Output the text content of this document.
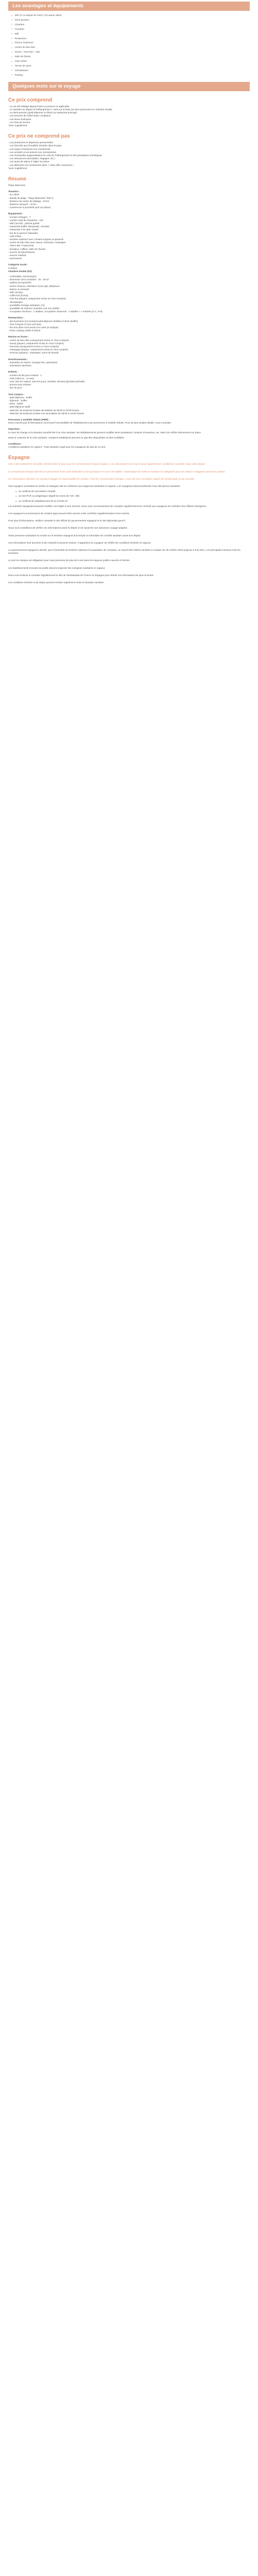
Les avantages et équipements
◆ WiFi (4 ou départ de Paris (+15 autres villes)
◆ Demi-pension
◆ Chambre
◆ Transfert
◆ Wifi
◆ Restaurant
◆ Piscine extérieure
◆ Centre de bien-être
◆ Sauna - hammam - Spa
◆ Salle de fitness
◆ Club enfant
◆ Terrain de sport
◆ Climatisation
◆ Parking
Quelques mots sur le voyage
Ce prix comprend

- Le vol A/R Malaga depuis Paris ou province si applicable

- Le transfert au départ et l'hébergement 7 nuits sur la base de deux personnes en chambre double

- La demi-pension (petit-déjeuner et dîner) au restaurant principal

- Les services de l'hôtel selon conditions

- Les taxes d'aéroport

- Les frais de service

*avec supplément

Ce prix ne comprend pas

- Les pourboires et dépenses personnelles

- Les frais liés aux formalités d'entrée dans le pays

- Les repas et boissons non mentionnés

- Les activités et excursions non mentionnées

- Les éventuelles augmentations du coût de l'hébergement et des prestations touristiques

- Les assurances (annulation, bagages, etc.)

- Les taxes de séjour à régler sur place

- Les éléments non mentionnés dans « notre offre comprend »

*avec supplément

Résumé

Playa Mareness

Situation :

- au calme

- détails de plage : Playa Mareness° 500 m

- distance de centre de Malaga : 10 km

- distance aéroport : 15 km

- commerces à proximité (voir sur place)

Équipement :

- nombre d'étages : 7

- nombre total de chambres : 120

- WiFi (accès) : partout gratuit

- restaurant buffet 'Tamarinde', terrasse

- restaurant à la carte 'Casal'

- bar de la piscine 'Naturalia'

- club enfant

- terrasse solarium avec chaises longues et parasols

- centre de bien-être avec sauna, hammam, massages

- 'Disco Bar' Tropical bar

- boutique, coiffeur, salle de réunion

- service de blanchisserie

- service médical

- ascenseurs

Catégorie locale :

5 étoiles

chambre double (DZ)

- confortable, lumineuse(s)

- dimension de la chambre : 25 - 29 m²

- salle(s) de bains/WC

- sèche-cheveux, télévision écran plat, téléphone

- balcon ou terrasse

- WiFi (inclus)

- coffre-fort (inclus)

- mini-bar (payant, uniquement inclus en Tout Compris)

- climatisation

- possibilité d'usage individuel, (CI)

- possibilité de réserver chambre vue mer (DZM)

- occupation minimum : 2 adultes; occupation maximum : 2 adultes + 1 enfants (2+1, 3+0)

Restauration :

- demi-pension (H) (compris petit-déjeuner (buffet) et dîner (buffet)

- Tout Compris (3 tout vins bus)

- les vins dîner sont servis à la carte (si indiqué)

- show cooking, buffet à thème

Remise en forme :

- centre de bien-être (uniquement inclus en Tout Compris)

- sauna (payant, uniquement inclus en Tout Compris)

- hammam (uniquement inclus en Tout Compris)

- massages (payant, uniquement inclus en Tout Compris)

- services (payant) : massages, soins de beauté

Divertissements :

- animation en soirée, musique live, spectacles

- animations sportives

Enfants :

- nombre de lits pour enfants : 1

- club enfant (4 - 12 ans)

- mini club (en saison, tous les jours, activités, piscine) (pendant période)

- piscine pour enfants

- aire de jeux

Tout compris :

- petit-déjeuner : buffet

- déjeuner : buffet

- dîner : buffet

- petit-déjeuner tardif

- sélection de boissons locales alcoolisées de 09:00 à 23:00 heures

- sélection de boissons locales non-alcoolisées de 09:00 à 23:00 heures

Personnes à mobilité réduite (PMR) :

Nous n'avons pas d'informations concernant l'accessibilité de l'établissement aux personnes à mobilité réduite. Pour de plus amples détails, nous consulter.

Important :

Le taux de change et la situation actuelle liée à la crise sanitaire, les établissements peuvent modifier leurs prestations, horaires d'ouverture, etc. Merci de vérifier directement sur place.

Dans le contexte de la crise sanitaire, certaines installations peuvent ne pas être disponibles ou être modifiées.

Conditions :

Conditions sanitaires en vigueur : Pass sanitaire exigé pour les voyageurs de plus de 12 ans.

Espagne

Voici à titre indicatif les formalités d'entrée dans le pays pour les ressortissants français majeurs. Ces informations sont mises à jour régulièrement, veuillez les consulter avant votre départ.

Le ressortissant français doit être en possession d'une carte d'identité ou d'un passeport en cours de validité. L'autorisation de sortie du territoire est obligatoire pour les mineurs voyageant sans leurs parents.

Les informations données ne sauraient engager la responsabilité du vendeur. Pour les ressortissants étrangers, merci de vous renseigner auprès de l'ambassade ou du consulat.

Tout voyageur souhaitant se rendre en Espagne doit se conformer aux exigences sanitaires en vigueur. Les voyageurs doivent présenter l'une des pièces suivantes :

● un certificat de vaccination complet
● un test PCR ou antigénique négatif de moins de 72h / 48h
● un certificat de rétablissement de la COVID-19

Les autorités espagnoles peuvent modifier ces règles à tout moment. Nous vous recommandons de consulter régulièrement les conseils aux voyageurs du ministère des Affaires étrangères.

Les voyageurs en provenance de certains pays peuvent être soumis à des contrôles supplémentaires à leur arrivée.

Pour plus d'informations, veuillez consulter le site officiel du gouvernement espagnol et le site diplomatie.gouv.fr.

Nous vous conseillons de vérifier ces informations avant le départ et de souscrire une assurance voyage adaptée.

Toute personne souhaitant se rendre sur le territoire espagnol doit remplir un formulaire de contrôle sanitaire avant son départ.

Ces informations sont données à titre indicatif et peuvent évoluer. Il appartient au voyageur de vérifier les conditions d'entrée en vigueur.

Le gouvernement espagnol a décidé, pour l'ensemble du territoire national et la population de Canarias, un nouvel état d'alerte sanitaire à compter du 25 octobre 2020 jusqu'au 9 mai 2021. Les principales mesures sont les suivantes.

Le port du masque est obligatoire pour toute personne de plus de 6 ans dans les espaces publics ouverts et fermés.

Les établissements recevant du public doivent respecter les consignes sanitaires en vigueur.

Nous vous invitons à consulter régulièrement le site de l'ambassade de France en Espagne pour obtenir les informations les plus récentes.

Les conditions d'entrée et de séjour peuvent évoluer rapidement selon la situation sanitaire.
